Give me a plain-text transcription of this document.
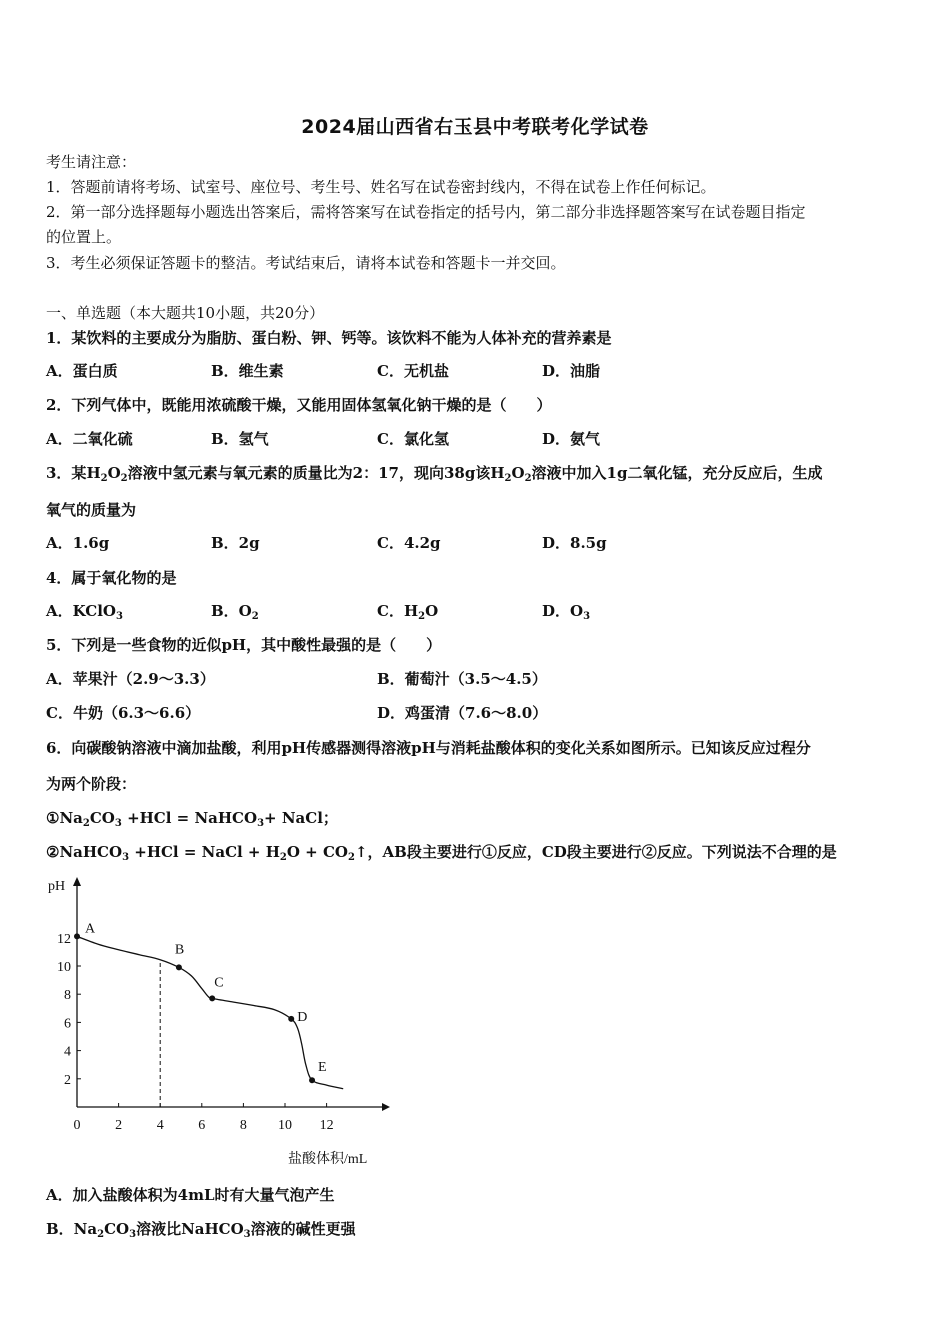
2024届山西省右玉县中考联考化学试卷
考生请注意：
1．答题前请将考场、试室号、座位号、考生号、姓名写在试卷密封线内，不得在试卷上作任何标记。
2．第一部分选择题每小题选出答案后，需将答案写在试卷指定的括号内，第二部分非选择题答案写在试卷题目指定
的位置上。
3．考生必须保证答题卡的整洁。考试结束后，请将本试卷和答题卡一并交回。
一、单选题（本大题共10小题，共20分）
1．某饮料的主要成分为脂肪、蛋白粉、钾、钙等。该饮料不能为人体补充的营养素是
A．蛋白质	B．维生素	C．无机盐	D．油脂
2．下列气体中，既能用浓硫酸干燥，又能用固体氢氧化钠干燥的是（　　）
A．二氧化硫	B．氢气	C．氯化氢	D．氨气
3．某$H_2O_2$溶液中氢元素与氧元素的质量比为2：17，现向38g该$H_2O_2$溶液中加入1g二氧化锰，充分反应后，生成
氧气的质量为
A．1.6g	B．2g	C．4.2g	D．8.5g
4．属于氧化物的是
A．KClO$_3$	B．$O_2$	C．$H_2O$	D．$O_3$
5．下列是一些食物的近似pH，其中酸性最强的是（　　）
A．苹果汁（2.9～3.3）	B．葡萄汁（3.5～4.5）
C．牛奶（6.3～6.6）	D．鸡蛋清（7.6～8.0）
6．向碳酸钠溶液中滴加盐酸，利用pH传感器测得溶液pH与消耗盐酸体积的变化关系如图所示。已知该反应过程分
为两个阶段：
$①Na_2CO_3 +HCl$ = NaHCO$_3$+ NaCl；
②NaHCO$_3$ +HCl = NaCl + $H_2O$ + $CO_2↑$，AB段主要进行①反应，CD段主要进行②反应。下列说法不合理的是
pH
盐酸体积/mL
0 2 4 6 8 10 12
2
4
6
8
10
12
A
B
C
D
E
A．加入盐酸体积为4mL时有大量气泡产生
B．$Na_2CO_3$溶液比NaHCO$_3$溶液的碱性更强
